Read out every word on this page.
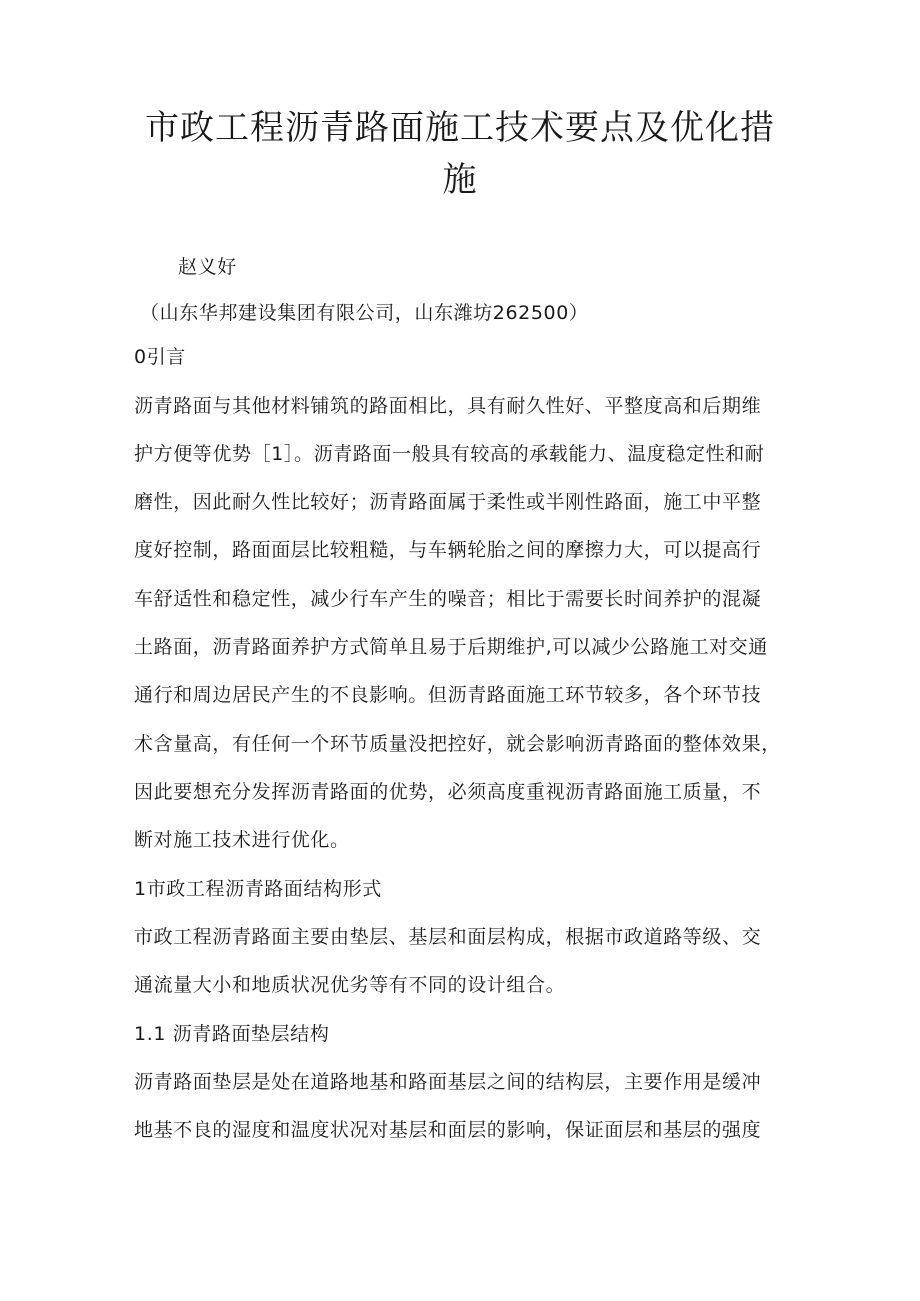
市政工程沥青路面施工技术要点及优化措
施
赵义好
（山东华邦建设集团有限公司，山东潍坊262500）
0引言
沥青路面与其他材料铺筑的路面相比，具有耐久性好、平整度高和后期维
护方便等优势［1］。沥青路面一般具有较高的承载能力、温度稳定性和耐
磨性，因此耐久性比较好；沥青路面属于柔性或半刚性路面，施工中平整
度好控制，路面面层比较粗糙，与车辆轮胎之间的摩擦力大，可以提高行
车舒适性和稳定性，减少行车产生的噪音；相比于需要长时间养护的混凝
土路面，沥青路面养护方式简单且易于后期维护,可以减少公路施工对交通
通行和周边居民产生的不良影响。但沥青路面施工环节较多，各个环节技
术含量高，有任何一个环节质量没把控好，就会影响沥青路面的整体效果，
因此要想充分发挥沥青路面的优势，必须高度重视沥青路面施工质量，不
断对施工技术进行优化。
1市政工程沥青路面结构形式
市政工程沥青路面主要由垫层、基层和面层构成，根据市政道路等级、交
通流量大小和地质状况优劣等有不同的设计组合。
1.1 沥青路面垫层结构
沥青路面垫层是处在道路地基和路面基层之间的结构层，主要作用是缓冲
地基不良的湿度和温度状况对基层和面层的影响，保证面层和基层的强度
